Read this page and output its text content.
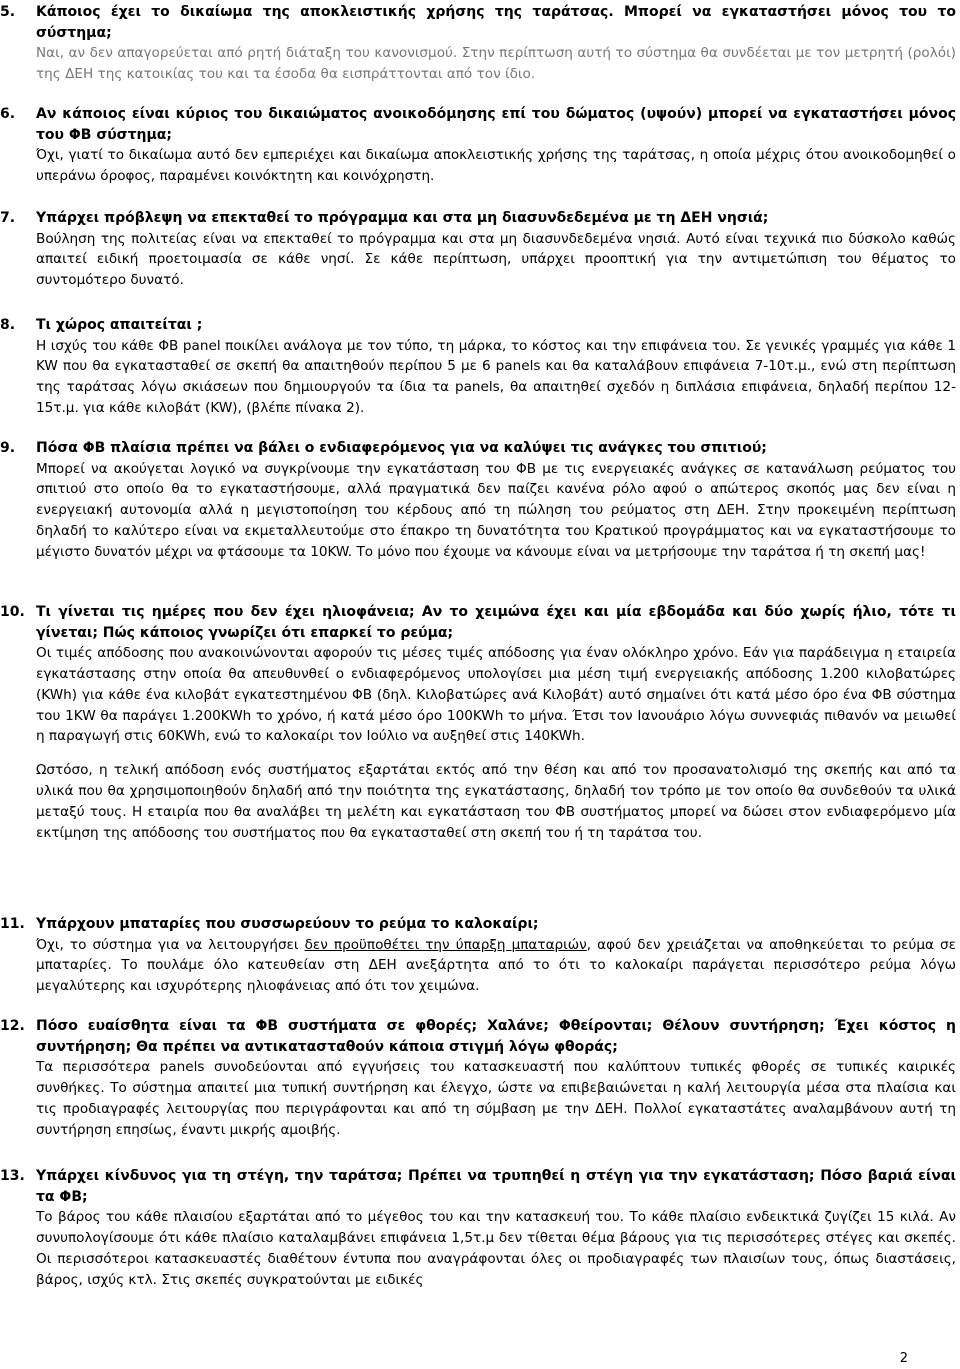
5. Κάποιος έχει το δικαίωμα της αποκλειστικής χρήσης της ταράτσας. Μπορεί να εγκαταστήσει μόνος του το σύστημα;

Ναι, αν δεν απαγορεύεται από ρητή διάταξη του κανονισμού. Στην περίπτωση αυτή το σύστημα θα συνδέεται με τον μετρητή (ρολόι) της ΔΕΗ της κατοικίας του και τα έσοδα θα εισπράττονται από τον ίδιο.

6. Αν κάποιος είναι κύριος του δικαιώματος ανοικοδόμησης επί του δώματος (υψούν) μπορεί να εγκαταστήσει μόνος του ΦΒ σύστημα;

Όχι, γιατί το δικαίωμα αυτό δεν εμπεριέχει και δικαίωμα αποκλειστικής χρήσης της ταράτσας, η οποία μέχρις ότου ανοικοδομηθεί ο υπεράνω όροφος, παραμένει κοινόκτητη και κοινόχρηστη.

7. Υπάρχει πρόβλεψη να επεκταθεί το πρόγραμμα και στα μη διασυνδεδεμένα με τη ΔΕΗ νησιά;

Βούληση της πολιτείας είναι να επεκταθεί το πρόγραμμα και στα μη διασυνδεδεμένα νησιά. Αυτό είναι τεχνικά πιο δύσκολο καθώς απαιτεί ειδική προετοιμασία σε κάθε νησί. Σε κάθε περίπτωση, υπάρχει προοπτική για την αντιμετώπιση του θέματος το συντομότερο δυνατό.

8. Τι χώρος απαιτείται ;

Η ισχύς του κάθε ΦΒ panel ποικίλει ανάλογα με τον τύπο, τη μάρκα, το κόστος και την επιφάνεια του. Σε γενικές γραμμές για κάθε 1 KW που θα εγκατασταθεί σε σκεπή θα απαιτηθούν περίπου 5 με 6 panels και θα καταλάβουν επιφάνεια 7-10τ.μ., ενώ στη περίπτωση της ταράτσας λόγω σκιάσεων που δημιουργούν τα ίδια τα panels, θα απαιτηθεί σχεδόν η διπλάσια επιφάνεια, δηλαδή περίπου 12-15τ.μ. για κάθε κιλοβάτ (KW), (βλέπε πίνακα 2).

9. Πόσα ΦΒ πλαίσια πρέπει να βάλει ο ενδιαφερόμενος για να καλύψει τις ανάγκες του σπιτιού;

Μπορεί να ακούγεται λογικό να συγκρίνουμε την εγκατάσταση του ΦΒ με τις ενεργειακές ανάγκες σε κατανάλωση ρεύματος του σπιτιού στο οποίο θα το εγκαταστήσουμε, αλλά πραγματικά δεν παίζει κανένα ρόλο αφού ο απώτερος σκοπός μας δεν είναι η ενεργειακή αυτονομία αλλά η μεγιστοποίηση του κέρδους από τη πώληση του ρεύματος στη ΔΕΗ. Στην προκειμένη περίπτωση δηλαδή το καλύτερο είναι να εκμεταλλευτούμε στο έπακρο τη δυνατότητα του Κρατικού προγράμματος και να εγκαταστήσουμε το μέγιστο δυνατόν μέχρι να φτάσουμε τα 10KW. Το μόνο που έχουμε να κάνουμε είναι να μετρήσουμε την ταράτσα ή τη σκεπή μας!

10. Τι γίνεται τις ημέρες που δεν έχει ηλιοφάνεια; Αν το χειμώνα έχει και μία εβδομάδα και δύο χωρίς ήλιο, τότε τι γίνεται; Πώς κάποιος γνωρίζει ότι επαρκεί το ρεύμα;

Οι τιμές απόδοσης που ανακοινώνονται αφορούν τις μέσες τιμές απόδοσης για έναν ολόκληρο χρόνο. Εάν για παράδειγμα η εταιρεία εγκατάστασης στην οποία θα απευθυνθεί ο ενδιαφερόμενος υπολογίσει μια μέση τιμή ενεργειακής απόδοσης 1.200 κιλοβατώρες (KWh) για κάθε ένα κιλοβάτ εγκατεστημένου ΦΒ (δηλ. Κιλοβατώρες ανά Κιλοβάτ) αυτό σημαίνει ότι κατά μέσο όρο ένα ΦΒ σύστημα του 1KW θα παράγει 1.200KWh το χρόνο, ή κατά μέσο όρο 100KWh το μήνα. Έτσι τον Ιανουάριο λόγω συννεφιάς πιθανόν να μειωθεί η παραγωγή στις 60KWh, ενώ το καλοκαίρι τον Ιούλιο να αυξηθεί στις 140KWh.

Ωστόσο, η τελική απόδοση ενός συστήματος εξαρτάται εκτός από την θέση και από τον προσανατολισμό της σκεπής και από τα υλικά που θα χρησιμοποιηθούν δηλαδή από την ποιότητα της εγκατάστασης, δηλαδή τον τρόπο με τον οποίο θα συνδεθούν τα υλικά μεταξύ τους. Η εταιρία που θα αναλάβει τη μελέτη και εγκατάσταση του ΦΒ συστήματος μπορεί να δώσει στον ενδιαφερόμενο μία εκτίμηση της απόδοσης του συστήματος που θα εγκατασταθεί στη σκεπή του ή τη ταράτσα του.

11. Υπάρχουν μπαταρίες που συσσωρεύουν το ρεύμα το καλοκαίρι;

Όχι, το σύστημα για να λειτουργήσει δεν προϋποθέτει την ύπαρξη μπαταριών, αφού δεν χρειάζεται να αποθηκεύεται το ρεύμα σε μπαταρίες. Το πουλάμε όλο κατευθείαν στη ΔΕΗ ανεξάρτητα από το ότι το καλοκαίρι παράγεται περισσότερο ρεύμα λόγω μεγαλύτερης και ισχυρότερης ηλιοφάνειας από ότι τον χειμώνα.

12. Πόσο ευαίσθητα είναι τα ΦΒ συστήματα σε φθορές; Χαλάνε; Φθείρονται; Θέλουν συντήρηση; Έχει κόστος η συντήρηση; Θα πρέπει να αντικατασταθούν κάποια στιγμή λόγω φθοράς;

Τα περισσότερα panels συνοδεύονται από εγγυήσεις του κατασκευαστή που καλύπτουν τυπικές φθορές σε τυπικές καιρικές συνθήκες. Το σύστημα απαιτεί μια τυπική συντήρηση και έλεγχο, ώστε να επιβεβαιώνεται η καλή λειτουργία μέσα στα πλαίσια και τις προδιαγραφές λειτουργίας που περιγράφονται και από τη σύμβαση με την ΔΕΗ. Πολλοί εγκαταστάτες αναλαμβάνουν αυτή τη συντήρηση επησίως, έναντι μικρής αμοιβής.

13. Υπάρχει κίνδυνος για τη στέγη, την ταράτσα; Πρέπει να τρυπηθεί η στέγη για την εγκατάσταση; Πόσο βαριά είναι τα ΦΒ;

Το βάρος του κάθε πλαισίου εξαρτάται από το μέγεθος του και την κατασκευή του. Το κάθε πλαίσιο ενδεικτικά ζυγίζει 15 κιλά. Αν συνυπολογίσουμε ότι κάθε πλαίσιο καταλαμβάνει επιφάνεια 1,5τ.μ δεν τίθεται θέμα βάρους για τις περισσότερες στέγες και σκεπές. Οι περισσότεροι κατασκευαστές διαθέτουν έντυπα που αναγράφονται όλες οι προδιαγραφές των πλαισίων τους, όπως διαστάσεις, βάρος, ισχύς κτλ. Στις σκεπές συγκρατούνται με ειδικές

2
